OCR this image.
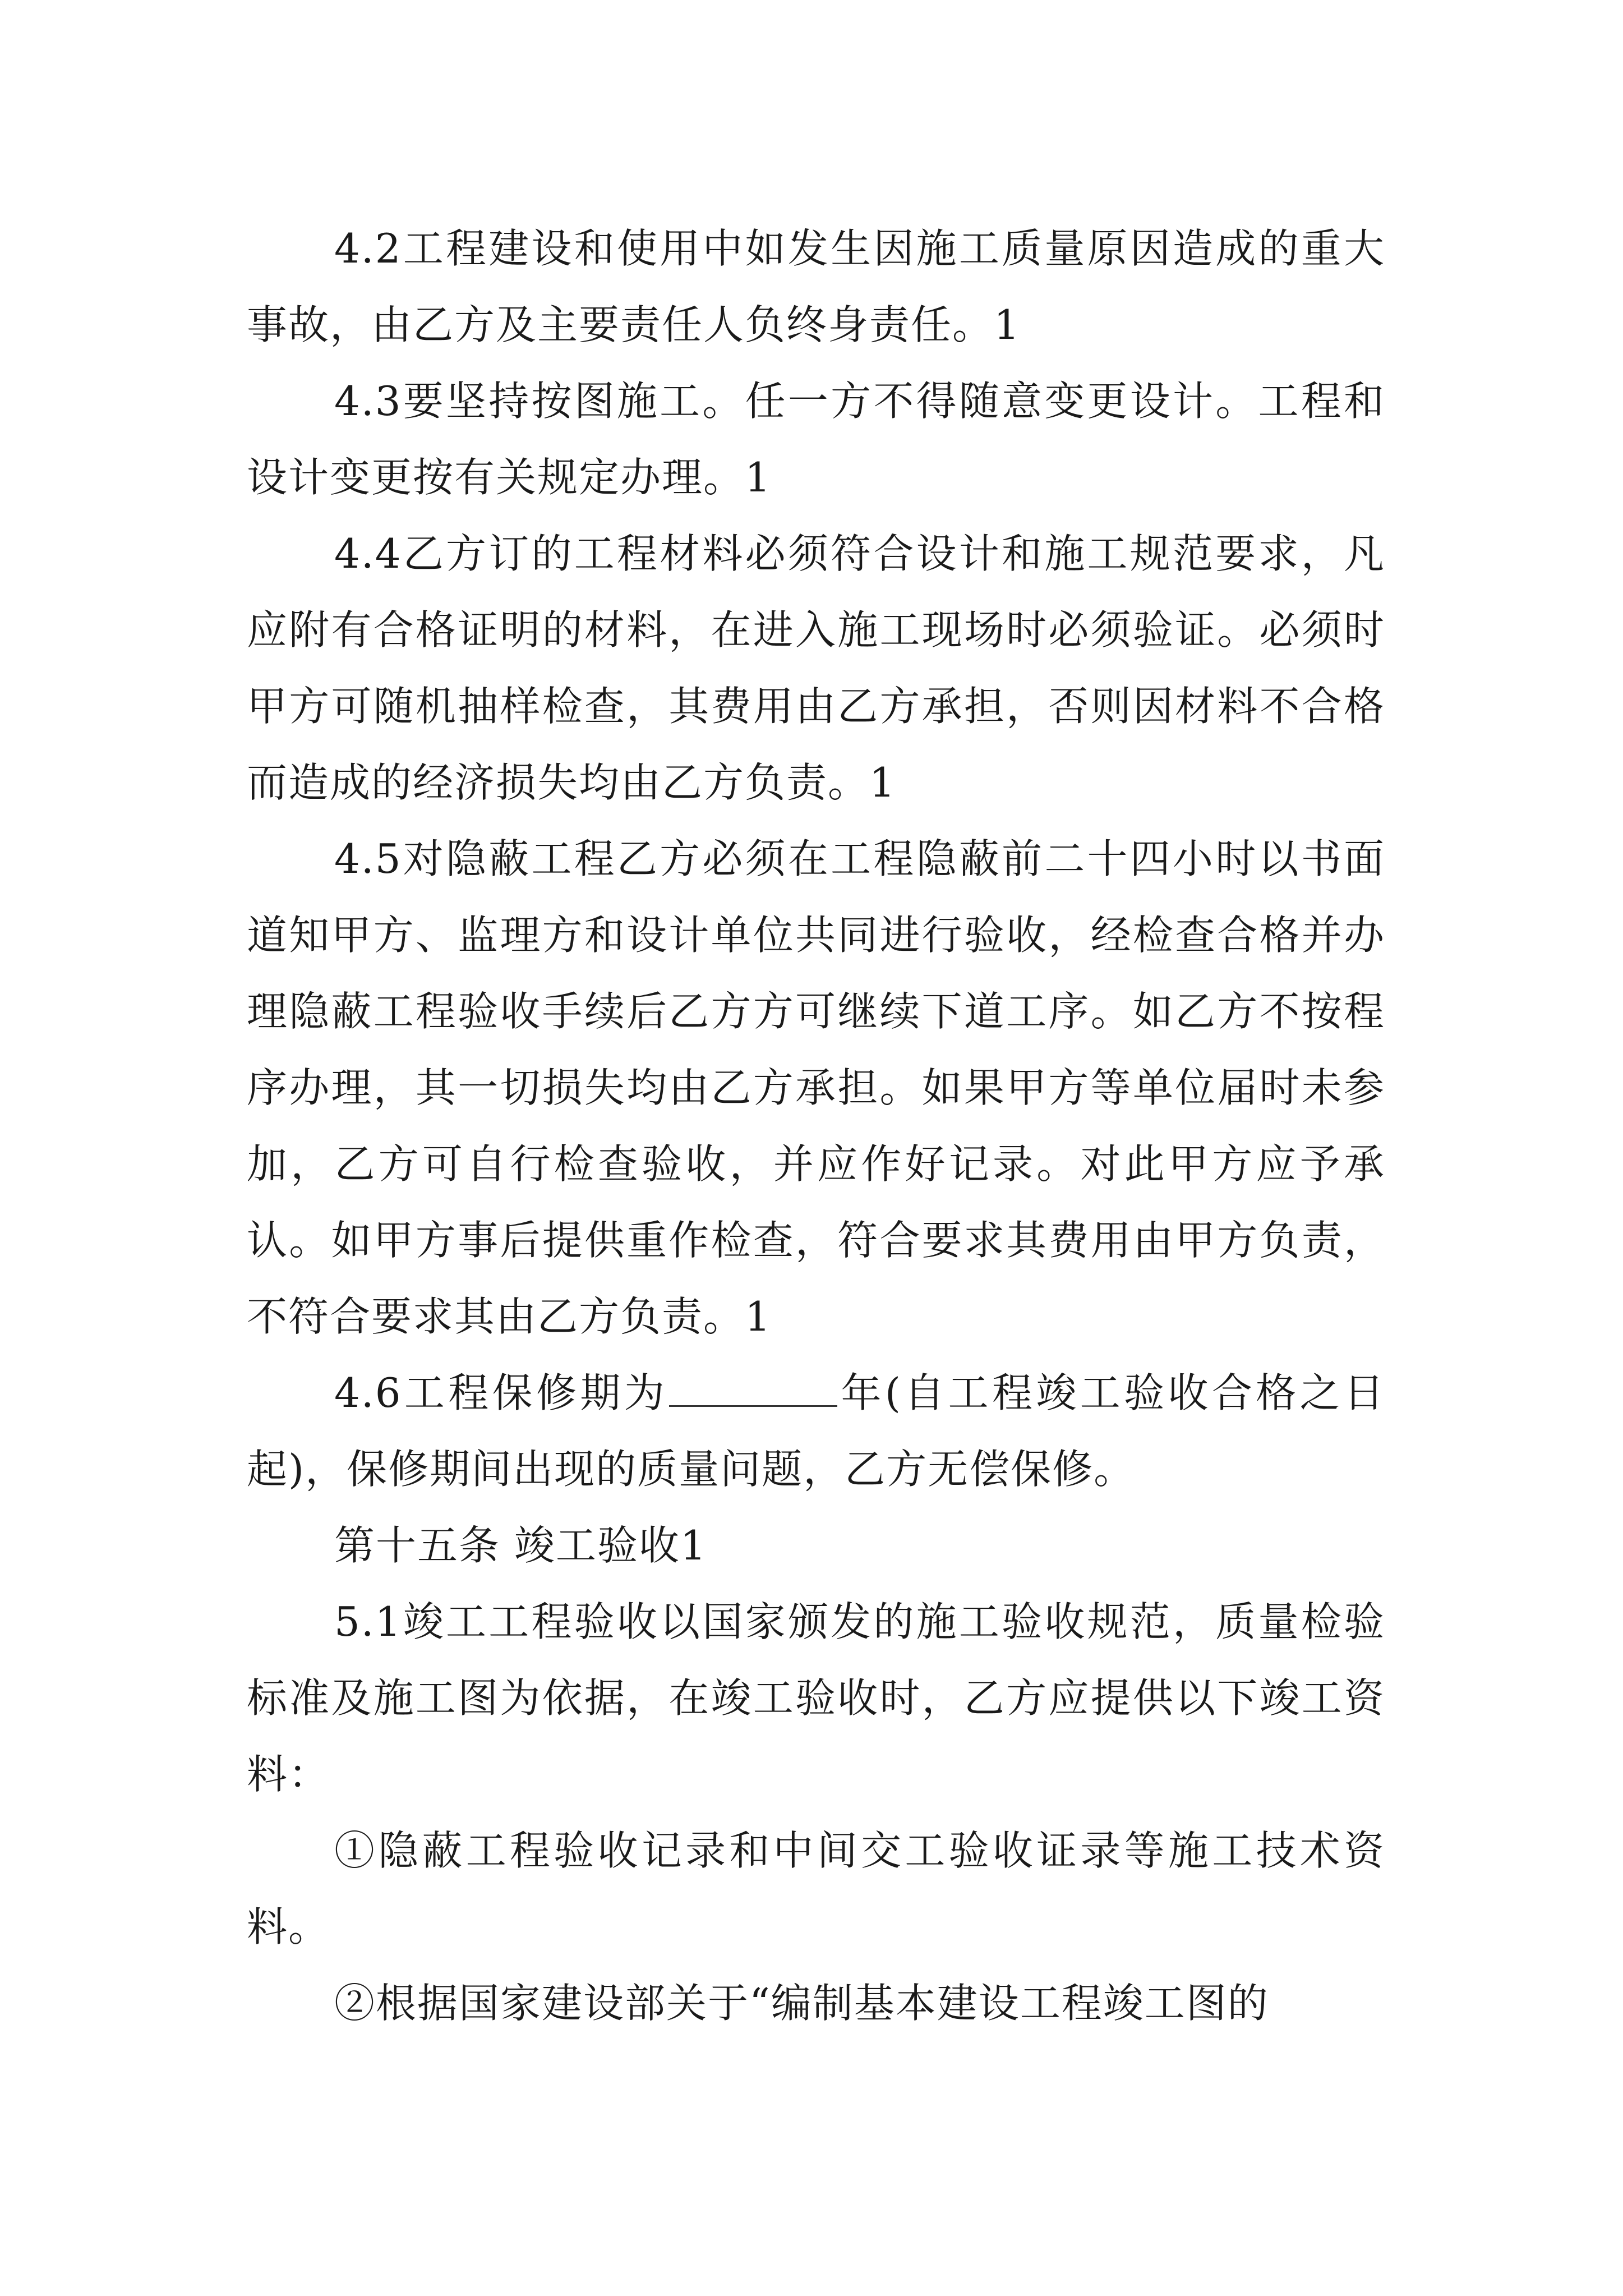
4.2工程建设和使用中如发生因施工质量原因造成的重大事故，由乙方及主要责任人负终身责任。1

4.3要坚持按图施工。任一方不得随意变更设计。工程和设计变更按有关规定办理。1

4.4乙方订的工程材料必须符合设计和施工规范要求，凡应附有合格证明的材料，在进入施工现场时必须验证。必须时甲方可随机抽样检查，其费用由乙方承担，否则因材料不合格而造成的经济损失均由乙方负责。1

4.5对隐蔽工程乙方必须在工程隐蔽前二十四小时以书面道知甲方、监理方和设计单位共同进行验收，经检查合格并办理隐蔽工程验收手续后乙方方可继续下道工序。如乙方不按程序办理，其一切损失均由乙方承担。如果甲方等单位届时未参加，乙方可自行检查验收，并应作好记录。对此甲方应予承认。如甲方事后提供重作检查，符合要求其费用由甲方负责，不符合要求其由乙方负责。1

4.6工程保修期为	年(自工程竣工验收合格之日起)，保修期间出现的质量问题，乙方无偿保修。

第十五条 竣工验收1

5.1竣工工程验收以国家颁发的施工验收规范，质量检验标准及施工图为依据，在竣工验收时，乙方应提供以下竣工资料：

①隐蔽工程验收记录和中间交工验收证录等施工技术资料。

②根据国家建设部关于“编制基本建设工程竣工图的
